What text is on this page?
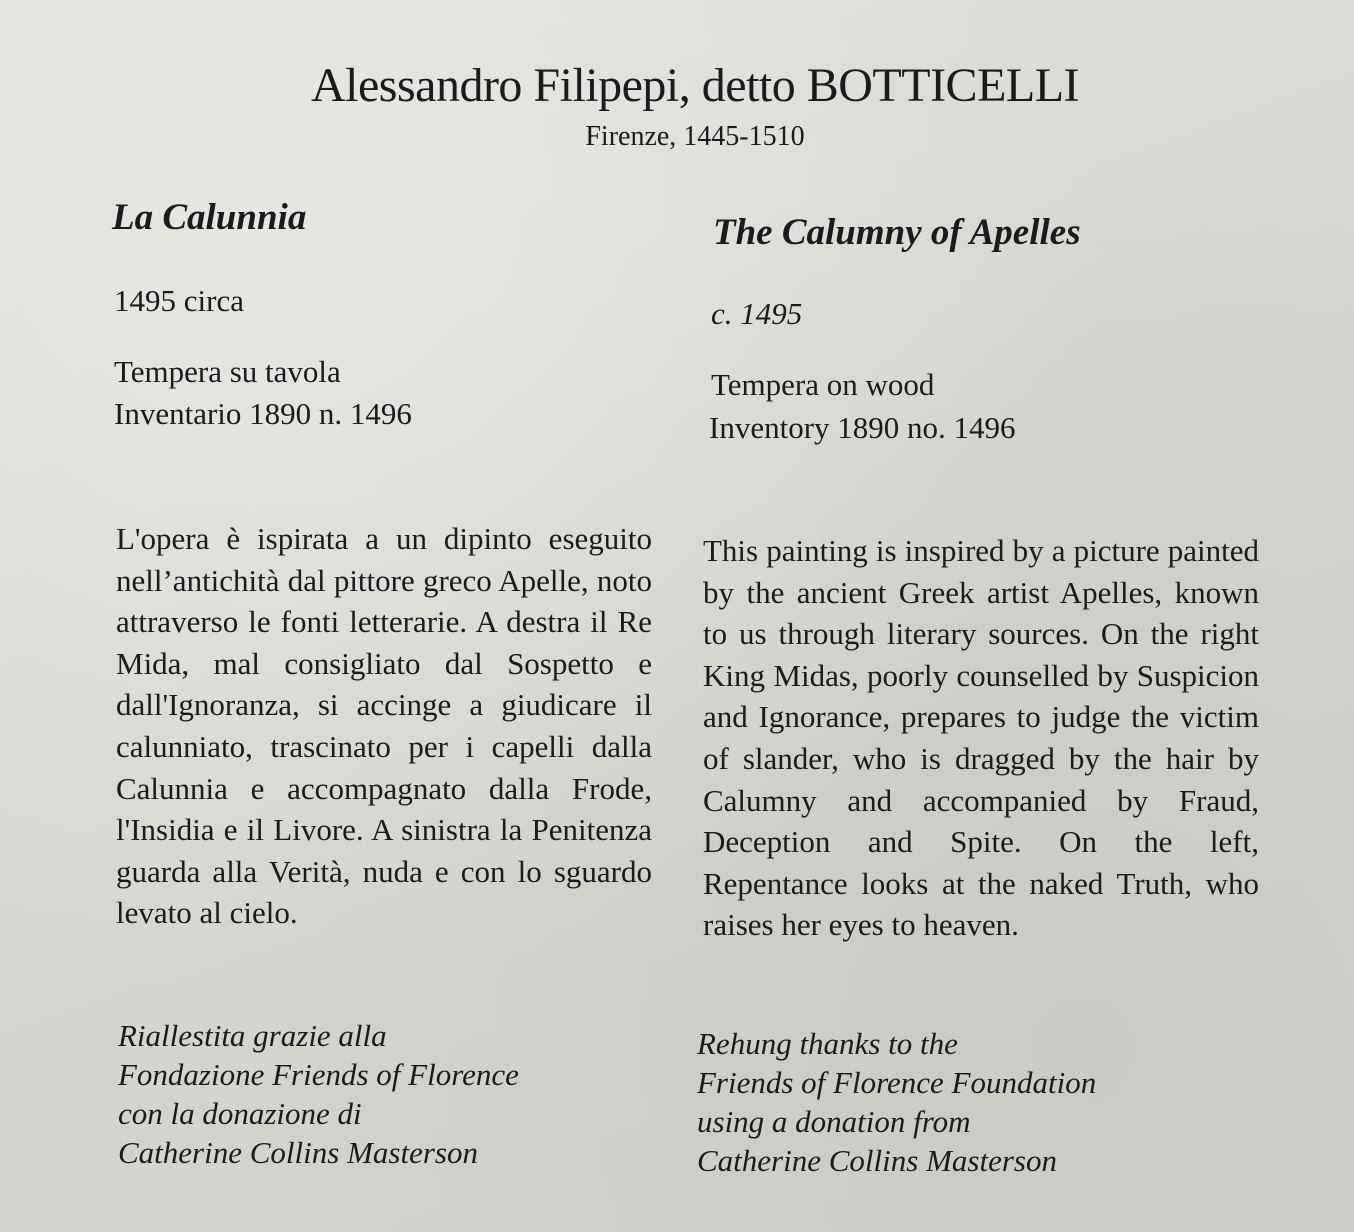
Alessandro Filipepi, detto BOTTICELLI
Firenze, 1445-1510
La Calunnia
1495 circa
Tempera su tavola
Inventario 1890 n. 1496
L'opera è ispirata a un dipinto eseguito nell’antichità dal pittore greco Apelle, noto attraverso le fonti letterarie. A destra il Re Mida, mal consigliato dal Sospetto e dall'Ignoranza, si accinge a giudicare il calunniato, trascinato per i capelli dalla Calunnia e accompagnato dalla Frode, l'Insidia e il Livore. A sinistra la Penitenza guarda alla Verità, nuda e con lo sguardo levato al cielo.
Riallestita grazie alla
Fondazione Friends of Florence
con la donazione di
Catherine Collins Masterson
The Calumny of Apelles
c. 1495
Tempera on wood
Inventory 1890 no. 1496
This painting is inspired by a picture painted by the ancient Greek artist Apelles, known to us through literary sources. On the right King Midas, poorly counselled by Suspicion and Ignorance, prepares to judge the victim of slander, who is dragged by the hair by Calumny and accompanied by Fraud, Deception and Spite. On the left, Repentance looks at the naked Truth, who raises her eyes to heaven.
Rehung thanks to the
Friends of Florence Foundation
using a donation from
Catherine Collins Masterson
